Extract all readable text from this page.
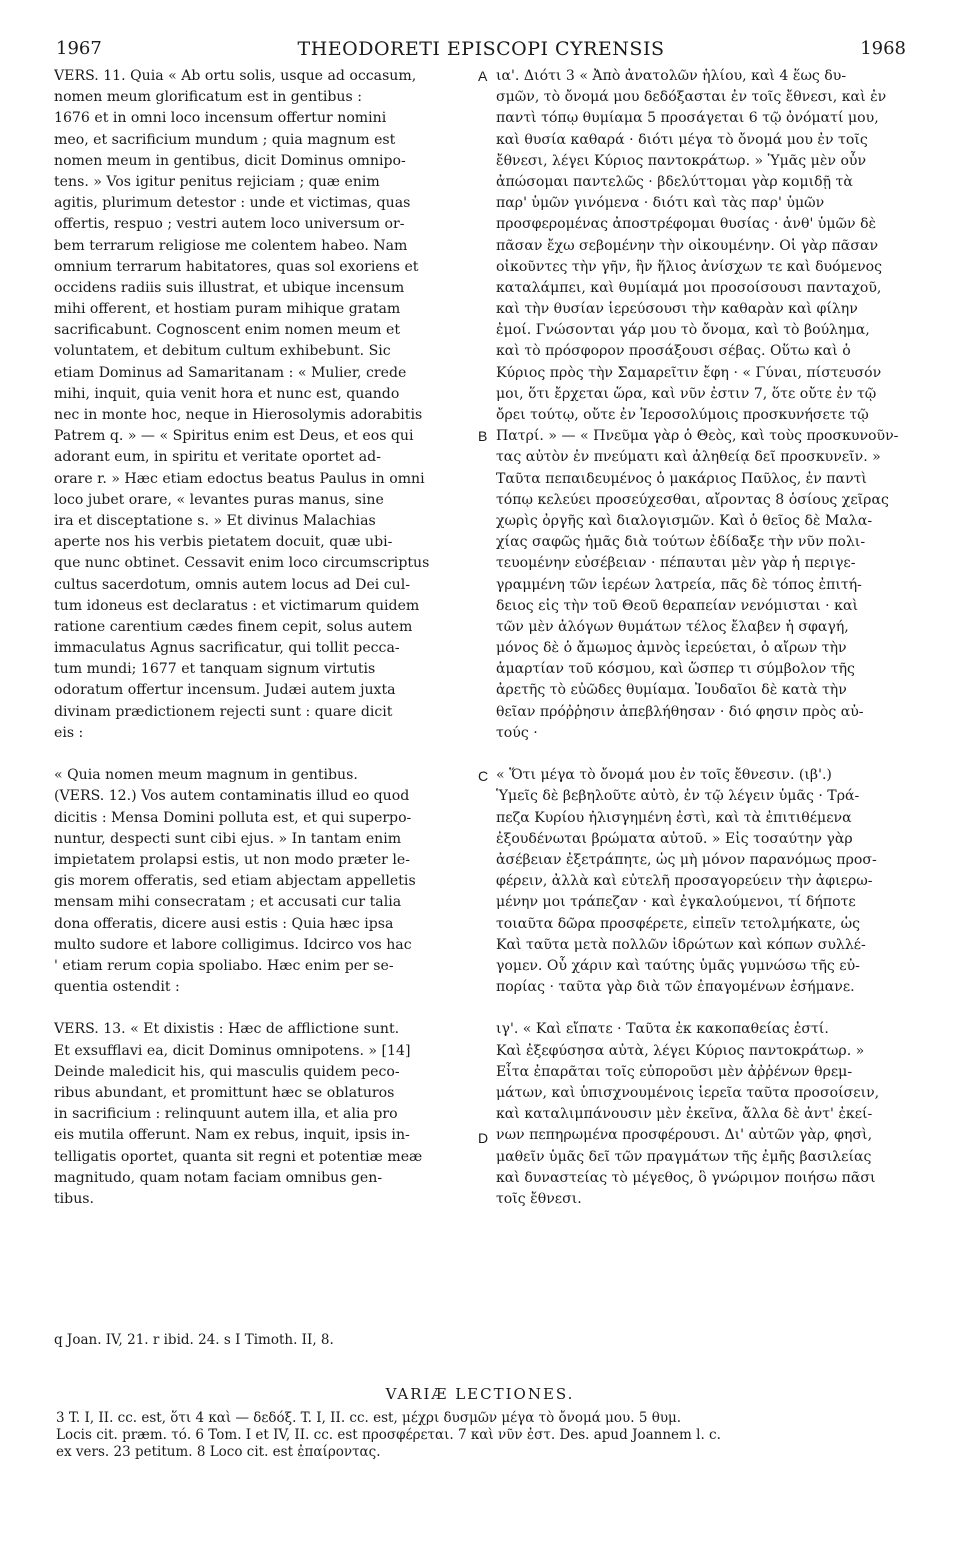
1967	THEODORETI EPISCOPI CYRENSIS	1968
VERS. 11. Quia « Ab ortu solis, usque ad occasum,
nomen meum glorificatum est in gentibus :
1676 et in omni loco incensum offertur nomini
meo, et sacrificium mundum ; quia magnum est
nomen meum in gentibus, dicit Dominus omnipo-
tens. » Vos igitur penitus rejiciam ; quæ enim
agitis, plurimum detestor : unde et victimas, quas
offertis, respuo ; vestri autem loco universum or-
bem terrarum religiose me colentem habeo. Nam
omnium terrarum habitatores, quas sol exoriens et
occidens radiis suis illustrat, et ubique incensum
mihi offerent, et hostiam puram mihique gratam
sacrificabunt. Cognoscent enim nomen meum et
voluntatem, et debitum cultum exhibebunt. Sic
etiam Dominus ad Samaritanam : « Mulier, crede
mihi, inquit, quia venit hora et nunc est, quando
nec in monte hoc, neque in Hierosolymis adorabitis
Patrem q. » — « Spiritus enim est Deus, et eos qui
adorant eum, in spiritu et veritate oportet ad-
orare r. » Hæc etiam edoctus beatus Paulus in omni
loco jubet orare, « levantes puras manus, sine
ira et disceptatione s. » Et divinus Malachias
aperte nos his verbis pietatem docuit, quæ ubi-
que nunc obtinet. Cessavit enim loco circumscriptus
cultus sacerdotum, omnis autem locus ad Dei cul-
tum idoneus est declaratus : et victimarum quidem
ratione carentium cædes finem cepit, solus autem
immaculatus Agnus sacrificatur, qui tollit pecca-
tum mundi; 1677 et tanquam signum virtutis
odoratum offertur incensum. Judæi autem juxta
divinam prædictionem rejecti sunt : quare dicit
eis :
« Quia nomen meum magnum in gentibus.
(VERS. 12.) Vos autem contaminatis illud eo quod
dicitis : Mensa Domini polluta est, et qui superpo-
nuntur, despecti sunt cibi ejus. » In tantam enim
impietatem prolapsi estis, ut non modo præter le-
gis morem offeratis, sed etiam abjectam appelletis
mensam mihi consecratam ; et accusati cur talia
dona offeratis, dicere ausi estis : Quia hæc ipsa
multo sudore et labore colligimus. Idcirco vos hac
' etiam rerum copia spoliabo. Hæc enim per se-
quentia ostendit :
VERS. 13. « Et dixistis : Hæc de afflictione sunt.
Et exsufflavi ea, dicit Dominus omnipotens. » [14]
Deinde maledicit his, qui masculis quidem peco-
ribus abundant, et promittunt hæc se oblaturos
in sacrificium : relinquunt autem illa, et alia pro
eis mutila offerunt. Nam ex rebus, inquit, ipsis in-
telligatis oportet, quanta sit regni et potentiæ meæ
magnitudo, quam notam faciam omnibus gen-
tibus.
ια'. Διότι 3 « Ἀπὸ ἀνατολῶν ἡλίου, καὶ 4 ἕως δυ-
σμῶν, τὸ ὄνομά μου δεδόξασται ἐν τοῖς ἔθνεσι, καὶ ἐν
παντὶ τόπῳ θυμίαμα 5 προσάγεται 6 τῷ ὀνόματί μου,
καὶ θυσία καθαρά · διότι μέγα τὸ ὄνομά μου ἐν τοῖς
ἔθνεσι, λέγει Κύριος παντοκράτωρ. » Ὑμᾶς μὲν οὖν
ἀπώσομαι παντελῶς · βδελύττομαι γὰρ κομιδῇ τὰ
παρ' ὑμῶν γινόμενα · διότι καὶ τὰς παρ' ὑμῶν
προσφερομένας ἀποστρέφομαι θυσίας · ἀνθ' ὑμῶν δὲ
πᾶσαν ἔχω σεβομένην τὴν οἰκουμένην. Οἱ γὰρ πᾶσαν
οἰκοῦντες τὴν γῆν, ἣν ἥλιος ἀνίσχων τε καὶ δυόμενος
καταλάμπει, καὶ θυμίαμά μοι προσοίσουσι πανταχοῦ,
καὶ τὴν θυσίαν ἱερεύσουσι τὴν καθαρὰν καὶ φίλην
ἐμοί. Γνώσονται γάρ μου τὸ ὄνομα, καὶ τὸ βούλημα,
καὶ τὸ πρόσφορον προσάξουσι σέβας. Οὕτω καὶ ὁ
Κύριος πρὸς τὴν Σαμαρεῖτιν ἔφη · « Γύναι, πίστευσόν
μοι, ὅτι ἔρχεται ὥρα, καὶ νῦν ἐστιν 7, ὅτε οὔτε ἐν τῷ
ὄρει τούτῳ, οὔτε ἐν Ἱεροσολύμοις προσκυνήσετε τῷ
Πατρί. » — « Πνεῦμα γὰρ ὁ Θεὸς, καὶ τοὺς προσκυνοῦν-
τας αὐτὸν ἐν πνεύματι καὶ ἀληθείᾳ δεῖ προσκυνεῖν. »
Ταῦτα πεπαιδευμένος ὁ μακάριος Παῦλος, ἐν παντὶ
τόπῳ κελεύει προσεύχεσθαι, αἴροντας 8 ὁσίους χεῖρας
χωρὶς ὀργῆς καὶ διαλογισμῶν. Καὶ ὁ θεῖος δὲ Μαλα-
χίας σαφῶς ἡμᾶς διὰ τούτων ἐδίδαξε τὴν νῦν πολι-
τευομένην εὐσέβειαν · πέπαυται μὲν γὰρ ἡ περιγε-
γραμμένη τῶν ἱερέων λατρεία, πᾶς δὲ τόπος ἐπιτή-
δειος εἰς τὴν τοῦ Θεοῦ θεραπείαν νενόμισται · καὶ
τῶν μὲν ἀλόγων θυμάτων τέλος ἔλαβεν ἡ σφαγή,
μόνος δὲ ὁ ἄμωμος ἀμνὸς ἱερεύεται, ὁ αἴρων τὴν
ἁμαρτίαν τοῦ κόσμου, καὶ ὥσπερ τι σύμβολον τῆς
ἀρετῆς τὸ εὐῶδες θυμίαμα. Ἰουδαῖοι δὲ κατὰ τὴν
θεῖαν πρόῤῥησιν ἀπεβλήθησαν · διό φησιν πρὸς αὐ-
τούς ·
« Ὅτι μέγα τὸ ὄνομά μου ἐν τοῖς ἔθνεσιν. (ιβ'.)
Ὑμεῖς δὲ βεβηλοῦτε αὐτὸ, ἐν τῷ λέγειν ὑμᾶς · Τρά-
πεζα Κυρίου ἠλισγημένη ἐστὶ, καὶ τὰ ἐπιτιθέμενα
ἐξουδένωται βρώματα αὐτοῦ. » Εἰς τοσαύτην γὰρ
ἀσέβειαν ἐξετράπητε, ὡς μὴ μόνον παρανόμως προσ-
φέρειν, ἀλλὰ καὶ εὐτελῆ προσαγορεύειν τὴν ἀφιερω-
μένην μοι τράπεζαν · καὶ ἐγκαλούμενοι, τί δήποτε
τοιαῦτα δῶρα προσφέρετε, εἰπεῖν τετολμήκατε, ὡς
Καὶ ταῦτα μετὰ πολλῶν ἱδρώτων καὶ κόπων συλλέ-
γομεν. Οὗ χάριν καὶ ταύτης ὑμᾶς γυμνώσω τῆς εὐ-
πορίας · ταῦτα γὰρ διὰ τῶν ἐπαγομένων ἐσήμανε.
ιγ'. « Καὶ εἴπατε · Ταῦτα ἐκ κακοπαθείας ἐστί.
Καὶ ἐξεφύσησα αὐτὰ, λέγει Κύριος παντοκράτωρ. »
Εἶτα ἐπαρᾶται τοῖς εὐποροῦσι μὲν ἀῤῥένων θρεμ-
μάτων, καὶ ὑπισχνουμένοις ἱερεῖα ταῦτα προσοίσειν,
καὶ καταλιμπάνουσιν μὲν ἐκεῖνα, ἄλλα δὲ ἀντ' ἐκεί-
νων πεπηρωμένα προσφέρουσι. Δι' αὐτῶν γὰρ, φησὶ,
μαθεῖν ὑμᾶς δεῖ τῶν πραγμάτων τῆς ἐμῆς βασιλείας
καὶ δυναστείας τὸ μέγεθος, ὃ γνώριμον ποιήσω πᾶσι
τοῖς ἔθνεσι.
A
B
C
D
q Joan. IV, 21. r ibid. 24. s I Timoth. II, 8.
VARIÆ LECTIONES.
3 T. I, II. cc. est, ὅτι 4 καὶ — δεδόξ. T. I, II. cc. est, μέχρι δυσμῶν μέγα τὸ ὄνομά μου. 5 θυμ.
Locis cit. præm. τό. 6 Tom. I et IV, II. cc. est προσφέρεται. 7 καὶ νῦν ἐστ. Des. apud Joannem l. c.
ex vers. 23 petitum. 8 Loco cit. est ἐπαίροντας.
